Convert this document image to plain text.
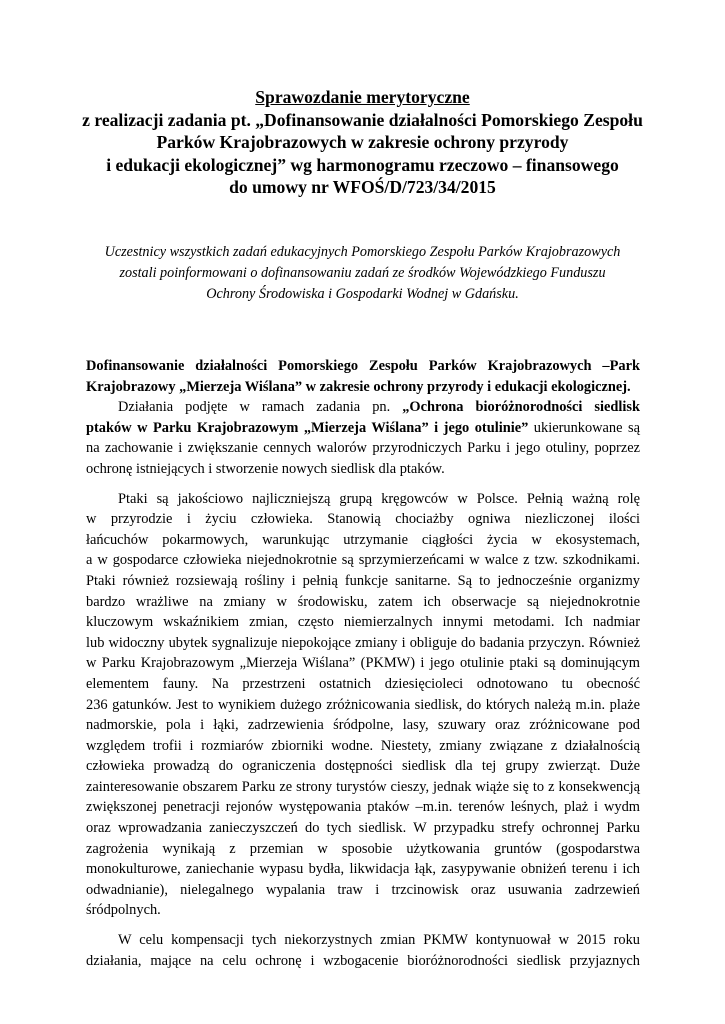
Sprawozdanie merytoryczne
z realizacji zadania pt. „Dofinansowanie działalności Pomorskiego Zespołu
Parków Krajobrazowych w zakresie ochrony przyrody
i edukacji ekologicznej” wg harmonogramu rzeczowo – finansowego
do umowy nr WFOŚ/D/723/34/2015
Uczestnicy wszystkich zadań edukacyjnych Pomorskiego Zespołu Parków Krajobrazowych
zostali poinformowani o dofinansowaniu zadań ze środków Wojewódzkiego Funduszu
Ochrony Środowiska i Gospodarki Wodnej w Gdańsku.
Dofinansowanie działalności Pomorskiego Zespołu Parków Krajobrazowych –Park
Krajobrazowy „Mierzeja Wiślana” w zakresie ochrony przyrody i edukacji ekologicznej.
Działania podjęte w ramach zadania pn. „Ochrona bioróżnorodności siedlisk
ptaków w Parku Krajobrazowym „Mierzeja Wiślana” i jego otulinie” ukierunkowane są
na zachowanie i zwiększanie cennych walorów przyrodniczych Parku i jego otuliny, poprzez
ochronę istniejących i stworzenie nowych siedlisk dla ptaków.
Ptaki są jakościowo najliczniejszą grupą kręgowców w Polsce. Pełnią ważną rolę
w przyrodzie i życiu człowieka. Stanowią chociażby ogniwa niezliczonej ilości
łańcuchów pokarmowych, warunkując utrzymanie ciągłości życia w ekosystemach,
a w gospodarce człowieka niejednokrotnie są sprzymierzeńcami w walce z tzw. szkodnikami.
Ptaki również rozsiewają rośliny i pełnią funkcje sanitarne. Są to jednocześnie organizmy
bardzo wrażliwe na zmiany w środowisku, zatem ich obserwacje są niejednokrotnie
kluczowym wskaźnikiem zmian, często niemierzalnych innymi metodami. Ich nadmiar
lub widoczny ubytek sygnalizuje niepokojące zmiany i obliguje do badania przyczyn. Również
w Parku Krajobrazowym „Mierzeja Wiślana” (PKMW) i jego otulinie ptaki są dominującym
elementem fauny. Na przestrzeni ostatnich dziesięcioleci odnotowano tu obecność
236 gatunków. Jest to wynikiem dużego zróżnicowania siedlisk, do których należą m.in. plaże
nadmorskie, pola i łąki, zadrzewienia śródpolne, lasy, szuwary oraz zróżnicowane pod
względem trofii i rozmiarów zbiorniki wodne. Niestety, zmiany związane z działalnością
człowieka prowadzą do ograniczenia dostępności siedlisk dla tej grupy zwierząt. Duże
zainteresowanie obszarem Parku ze strony turystów cieszy, jednak wiąże się to z konsekwencją
zwiększonej penetracji rejonów występowania ptaków –m.in. terenów leśnych, plaż i wydm
oraz wprowadzania zanieczyszczeń do tych siedlisk. W przypadku strefy ochronnej Parku
zagrożenia wynikają z przemian w sposobie użytkowania gruntów (gospodarstwa
monokulturowe, zaniechanie wypasu bydła, likwidacja łąk, zasypywanie obniżeń terenu i ich
odwadnianie), nielegalnego wypalania traw i trzcinowisk oraz usuwania zadrzewień
śródpolnych.
W celu kompensacji tych niekorzystnych zmian PKMW kontynuował w 2015 roku
działania, mające na celu ochronę i wzbogacenie bioróżnorodności siedlisk przyjaznych
